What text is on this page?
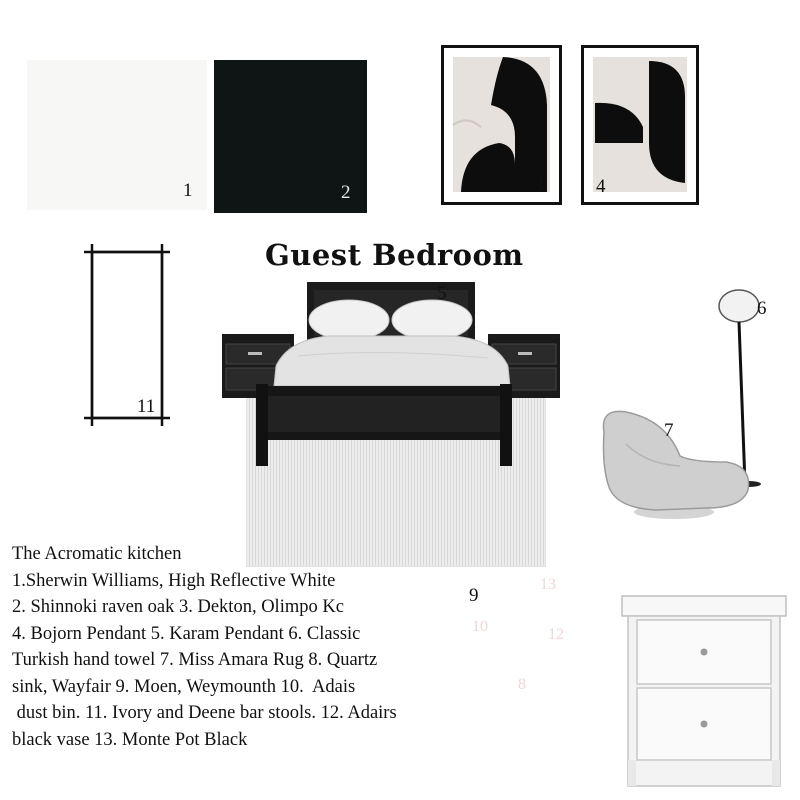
1	2	3	4
Guest Bedroom
11
5
6
7
13
9
10	12
8
The Acromatic kitchen
1.Sherwin Williams, High Reflective White
2. Shinnoki raven oak 3. Dekton, Olimpo Kc
4. Bojorn Pendant 5. Karam Pendant 6. Classic
Turkish hand towel 7. Miss Amara Rug 8. Quartz
sink, Wayfair 9. Moen, Weymounth 10.  Adais
dust bin. 11. Ivory and Deene bar stools. 12. Adairs
black vase 13. Monte Pot Black
